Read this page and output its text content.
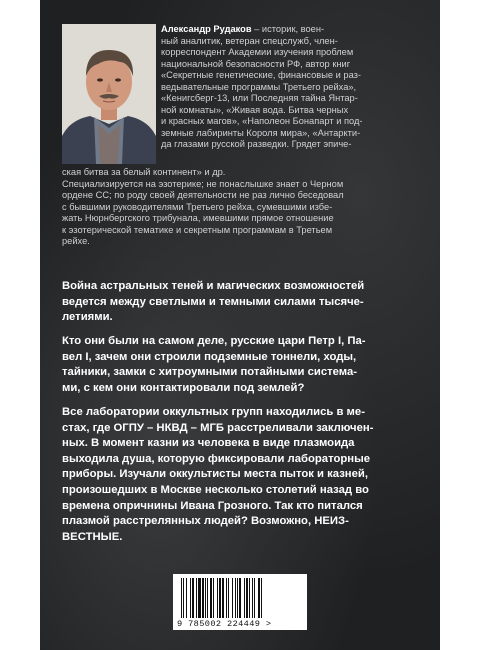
Александр Рудаков – историк, воен-
ный аналитик, ветеран спецслужб, член-
корреспондент Академии изучения проблем
национальной безопасности РФ, автор книг
«Секретные генетические, финансовые и раз-
ведывательные программы Третьего рейха»,
«Кенигсберг-13, или Последняя тайна Янтар-
ной комнаты», «Живая вода. Битва черных
и красных магов», «Наполеон Бонапарт и под-
земные лабиринты Короля мира», «Антаркти-
да глазами русской разведки. Грядет эпиче-

ская битва за белый континент» и др.
Специализируется на эзотерике; не понаслышке знает о Черном
ордене СС; по роду своей деятельности не раз лично беседовал
с бывшими руководителями Третьего рейха, сумевшими избе-
жать Нюрнбергского трибунала, имевшими прямое отношение
к эзотерической тематике и секретным программам в Третьем
рейхе.

Война астральных теней и магических возможностей
ведется между светлыми и темными силами тысяче-
летиями.

Кто они были на самом деле, русские цари Петр I, Па-
вел I, зачем они строили подземные тоннели, ходы,
тайники, замки с хитроумными потайными система-
ми, с кем они контактировали под землей?

Все лаборатории оккультных групп находились в ме-
стах, где ОГПУ – НКВД – МГБ расстреливали заключен-
ных. В момент казни из человека в виде плазмоида
выходила душа, которую фиксировали лабораторные
приборы. Изучали оккультисты места пыток и казней,
произошедших в Москве несколько столетий назад во
времена опричнины Ивана Грозного. Так кто питался
плазмой расстрелянных людей? Возможно, НЕИЗ-
ВЕСТНЫЕ.

9 785002 224449 >
